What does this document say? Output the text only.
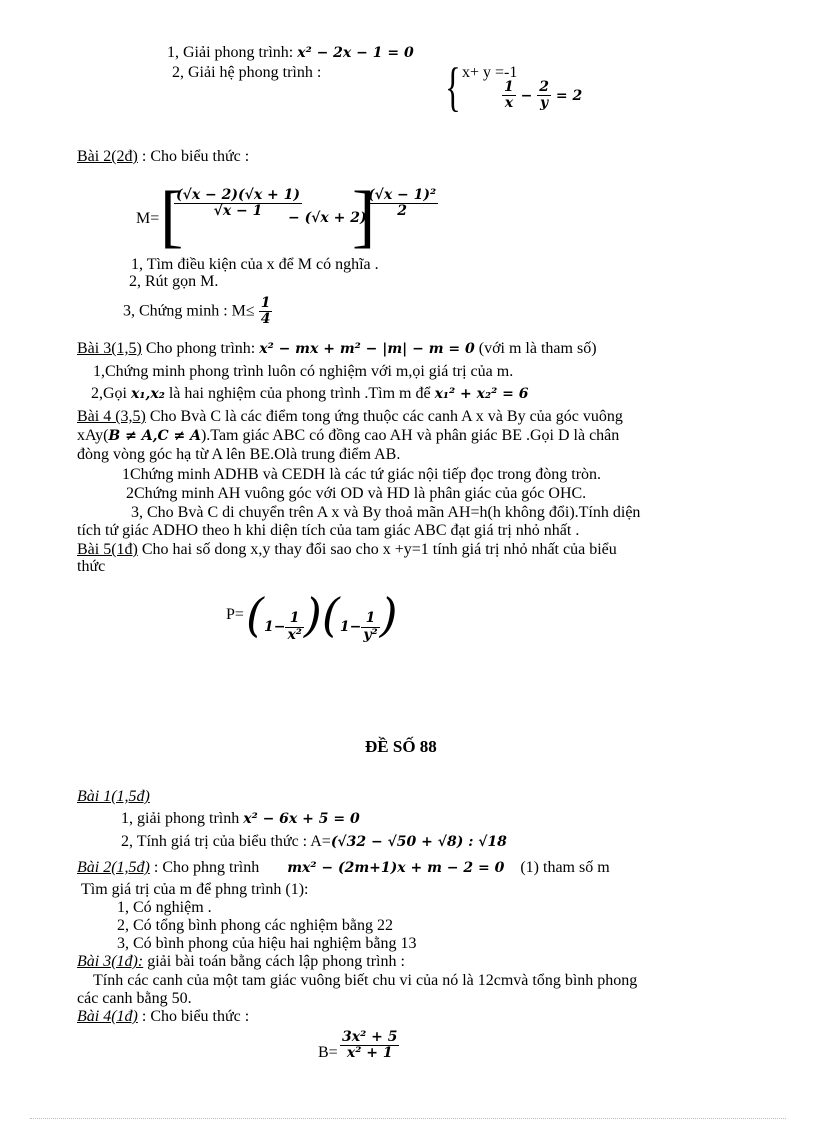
1, Giải phong trình: x² − 2x − 1 = 0
2, Giải hệ phong trình : { x+ y =-1
$\frac{1}{x} - \frac{2}{y} = 2$
Bài 2(2đ) : Cho biểu thức :
M= [
$\frac{(√x - 2)(√x + 1)}{√x - 1}$
− (√x + 2)
]
$\frac{\text{(√x − 1)²}}{2}$
1, Tìm điều kiện của x để M có nghĩa .
2, Rút gọn M.
3, Chứng minh : $M\le \frac{1}{4}$
Bài 3(1,5) Cho phong trình: x² − mx + m² − |m| − m = 0 (với m là tham số)
1,Chứng minh phong trình luôn có nghiệm với m,ọi giá trị của m.
2,Gọi x₁,x₂ là hai nghiệm của phong trình .Tìm m để x₁² + x₂² = 6
Bài 4 (3,5) Cho Bvà C là các điểm tong ứng thuộc các canh A x và By của góc vuông
xAy(B ≠ A,C ≠ A).Tam giác ABC có đồng cao AH và phân giác BE .Gọi D là chân
đòng vòng góc hạ từ A lên BE.Olà trung điểm AB.
1Chứng minh ADHB và CEDH là các tứ giác nội tiếp đọc trong đòng tròn.
2Chứng minh AH vuông góc với OD và HD là phân giác của góc OHC.
3, Cho Bvà C di chuyển trên A x và By thoả mãn AH=h(h không đổi).Tính diện
tích tứ giác ADHO theo h khi diện tích của tam giác ABC đạt giá trị nhỏ nhất .
Bài 5(1đ) Cho hai số dong x,y thay đổi sao cho x +y=1 tính giá trị nhỏ nhất của biểu
thức
$P= (1- \frac{1}{\text{x²}} )(1- \frac{1}{\text{y²}}$ )
ĐỀ SỐ 88
Bài 1(1,5đ)
1, giải phong trình x² − 6x + 5 = 0
2, Tính giá trị của biểu thức : A=(√32 − √50 + √8) : √18
Bài 2(1,5đ) : Cho phng trình mx² − (2m+1)x + m − 2 = 0 (1) tham số m
Tìm giá trị của m để phng trình (1):
1, Có nghiệm .
2, Có tổng bình phong các nghiệm bằng 22
3, Có bình phong của hiệu hai nghiệm bằng 13
Bài 3(1đ): giải bài toán bằng cách lập phong trình :
Tính các canh của một tam giác vuông biết chu vi của nó là 12cmvà tổng bình phong
các canh bằng 50.
Bài 4(1đ) : Cho biểu thức :
$B= \frac{\text{3x² + 5}}{\text{x² + 1}}$
